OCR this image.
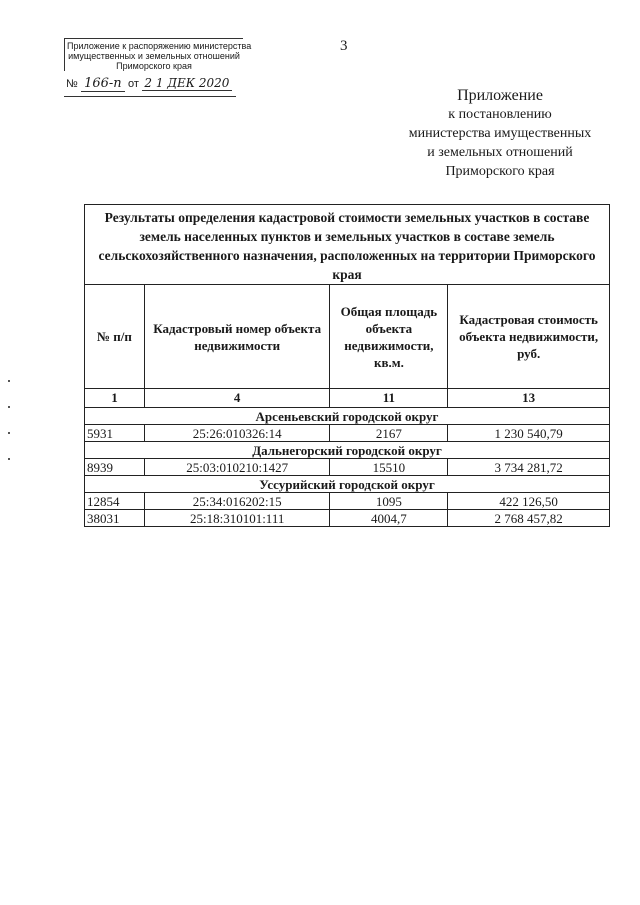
3
Приложение к распоряжению министерства
имущественных и земельных отношений
Приморского края
№ 166-п от 2 1 ДЕК 2020
Приложение
к постановлению
министерства имущественных
и земельных отношений
Приморского края
Результаты определения кадастровой стоимости земельных участков в составе земель населенных пунктов и земельных участков в составе земель сельскохозяйственного назначения, расположенных на территории Приморского края			
№ п/п	Кадастровый номер объекта недвижимости	Общая площадь объекта недвижимости, кв.м.	Кадастровая стоимость объекта недвижимости, руб.
1	4	11	13
Арсеньевский городской округ			
5931	25:26:010326:14	2167	1 230 540,79
Дальнегорский городской округ			
8939	25:03:010210:1427	15510	3 734 281,72
Уссурийский городской округ			
12854	25:34:016202:15	1095	422 126,50
38031	25:18:310101:111	4004,7	2 768 457,82
